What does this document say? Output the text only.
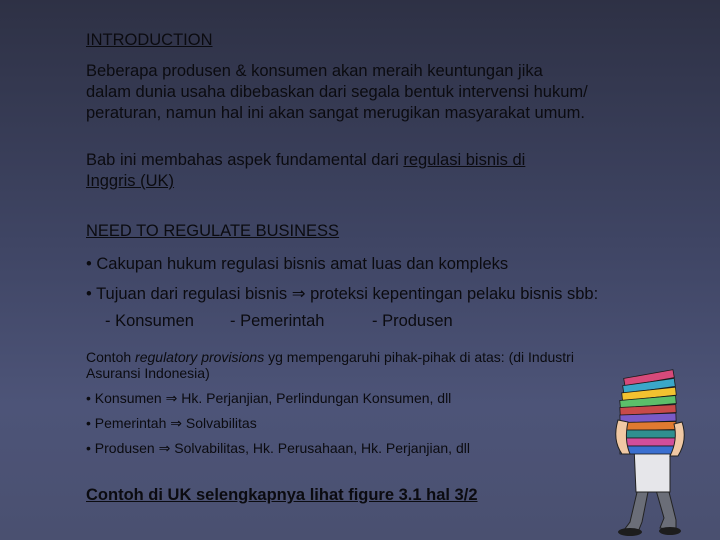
INTRODUCTION
Beberapa produsen & konsumen akan meraih keuntungan jika
dalam dunia usaha dibebaskan dari segala bentuk intervensi hukum/
peraturan, namun hal ini akan sangat merugikan masyarakat umum.
Bab ini membahas aspek fundamental dari regulasi bisnis di
Inggris (UK)
NEED TO REGULATE BUSINESS
• Cakupan hukum regulasi bisnis amat luas dan kompleks
• Tujuan dari regulasi bisnis ⇒ proteksi kepentingan pelaku bisnis sbb:
- Konsumen - Pemerintah	- Produsen
Contoh regulatory provisions yg mempengaruhi pihak-pihak di atas: (di Industri
Asuransi Indonesia)
• Konsumen ⇒ Hk. Perjanjian, Perlindungan Konsumen, dll
• Pemerintah ⇒ Solvabilitas
• Produsen ⇒ Solvabilitas, Hk. Perusahaan, Hk. Perjanjian, dll
Contoh di UK selengkapnya lihat figure 3.1 hal 3/2
